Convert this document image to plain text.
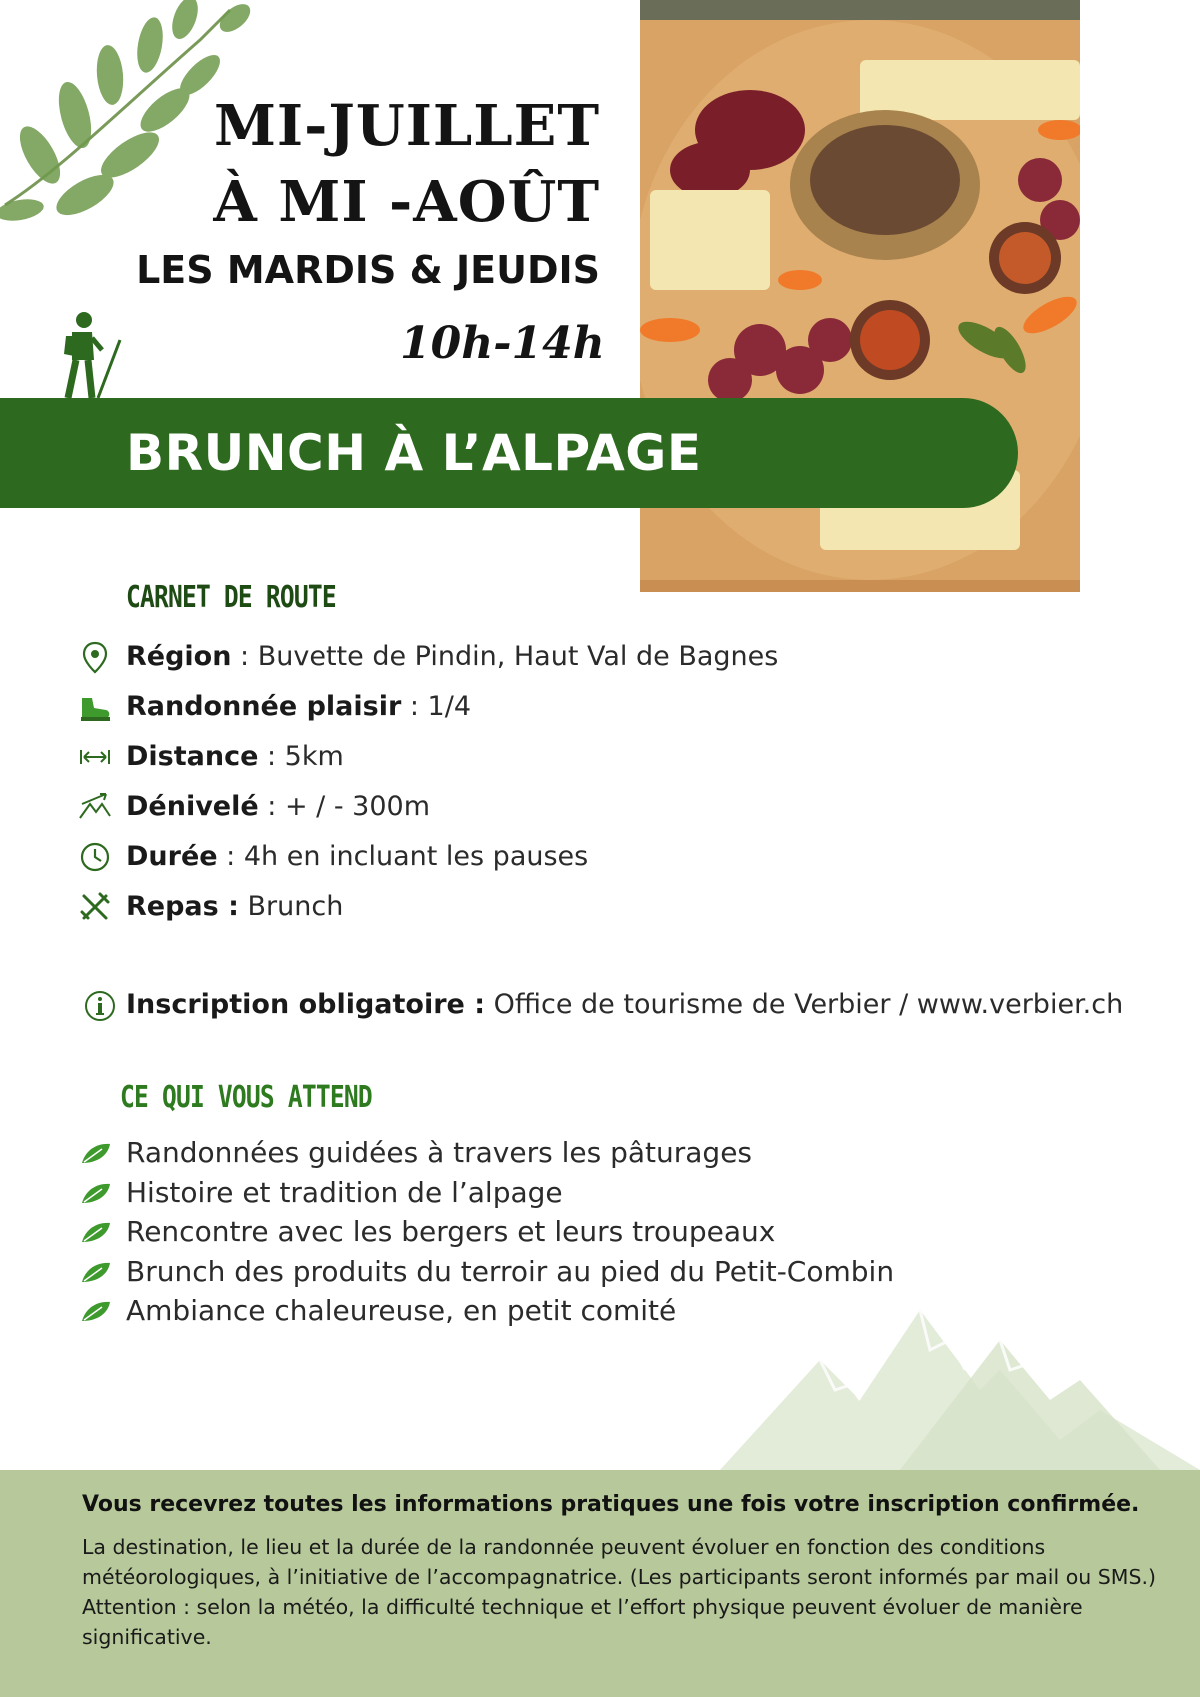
MI-JUILLET
À MI -AOÛT
LES MARDIS & JEUDIS
10h-14h
BRUNCH À L’ALPAGE
CARNET DE ROUTE
Région : Buvette de Pindin, Haut Val de Bagnes
Randonnée plaisir : 1/4
Distance : 5km
Dénivelé : + / - 300m
Durée : 4h en incluant les pauses
Repas : Brunch
Inscription obligatoire : Office de tourisme de Verbier / www.verbier.ch
CE QUI VOUS ATTEND
Randonnées guidées à travers les pâturages
Histoire et tradition de l’alpage
Rencontre avec les bergers et leurs troupeaux
Brunch des produits du terroir au pied du Petit-Combin
Ambiance chaleureuse, en petit comité
Vous recevrez toutes les informations pratiques une fois votre inscription confirmée.
La destination, le lieu et la durée de la randonnée peuvent évoluer en fonction des conditions météorologiques, à l’initiative de l’accompagnatrice. (Les participants seront informés par mail ou SMS.) Attention : selon la météo, la difficulté technique et l’effort physique peuvent évoluer de manière significative.
